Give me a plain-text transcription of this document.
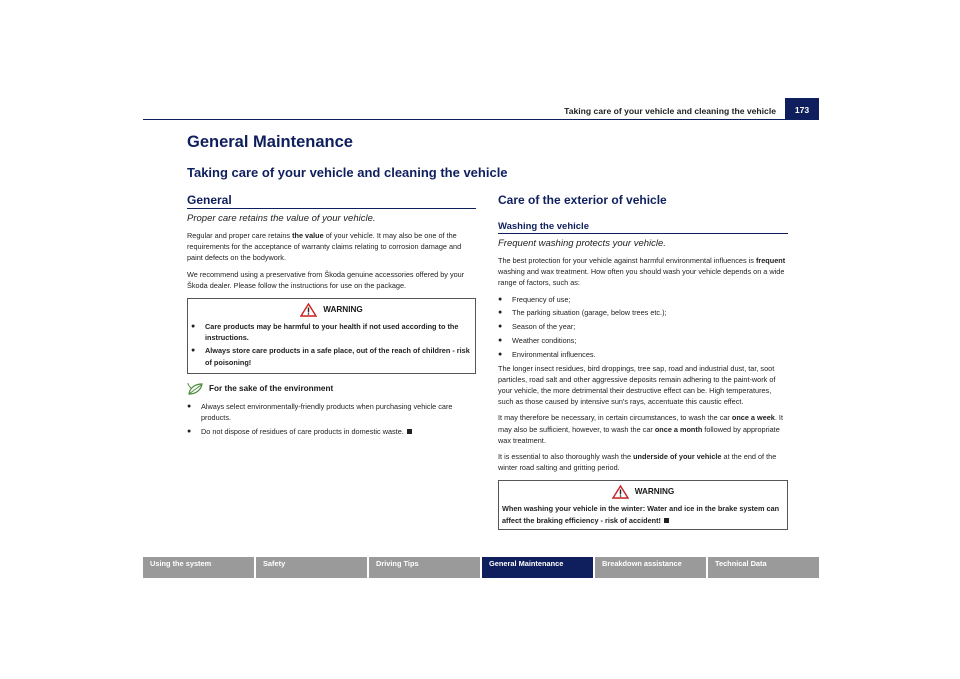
Taking care of your vehicle and cleaning the vehicle	173
General Maintenance
Taking care of your vehicle and cleaning the vehicle
General
Proper care retains the value of your vehicle.

Regular and proper care retains the value of your vehicle. It may also be one of the requirements for the acceptance of warranty claims relating to corrosion damage and paint defects on the bodywork.

We recommend using a preservative from Škoda genuine accessories offered by your Škoda dealer. Please follow the instructions for use on the package.

WARNING
● Care products may be harmful to your health if not used according to the instructions.
● Always store care products in a safe place, out of the reach of children - risk of poisoning!
For the sake of the environment
● Always select environmentally-friendly products when purchasing vehicle care products.
● Do not dispose of residues of care products in domestic waste.
Care of the exterior of vehicle
Washing the vehicle
Frequent washing protects your vehicle.

The best protection for your vehicle against harmful environmental influences is frequent washing and wax treatment. How often you should wash your vehicle depends on a wide range of factors, such as:

● Frequency of use;
● The parking situation (garage, below trees etc.);
● Season of the year;
● Weather conditions;
● Environmental influences.

The longer insect residues, bird droppings, tree sap, road and industrial dust, tar, soot particles, road salt and other aggressive deposits remain adhering to the paint-work of your vehicle, the more detrimental their destructive effect can be. High temperatures, such as those caused by intensive sun's rays, accentuate this caustic effect.

It may therefore be necessary, in certain circumstances, to wash the car once a week. It may also be sufficient, however, to wash the car once a month followed by appropriate wax treatment.

It is essential to also thoroughly wash the underside of your vehicle at the end of the winter road salting and gritting period.

WARNING

When washing your vehicle in the winter: Water and ice in the brake system can affect the braking efficiency - risk of accident!

Using the system	Safety	Driving Tips	General Maintenance	Breakdown assistance	Technical Data
